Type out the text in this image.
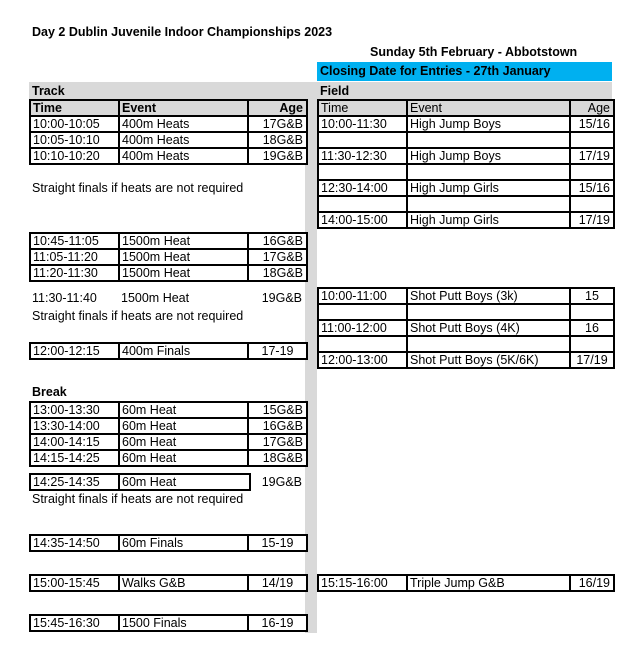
Day 2 Dublin Juvenile Indoor Championships 2023
Sunday 5th February - Abbotstown
Closing Date for Entries - 27th January
Track	Field
Time	Event	Age
10:00-10:05	400m Heats	17G&B
10:05-10:10	400m Heats	18G&B
10:10-10:20	400m Heats	19G&B
Straight finals if heats are not required
10:45-11:05	1500m Heat	16G&B
11:05-11:20	1500m Heat	17G&B
11:20-11:30	1500m Heat	18G&B
11:30-11:40 1500m Heat	19G&B
Straight finals if heats are not required
12:00-12:15	400m Finals	17-19
Break
13:00-13:30	60m Heat	15G&B
13:30-14:00	60m Heat	16G&B
14:00-14:15	60m Heat	17G&B
14:15-14:25	60m Heat	18G&B
14:25-14:35	60m Heat	19G&B
Straight finals if heats are not required
14:35-14:50	60m Finals	15-19
15:00-15:45	Walks G&B	14/19
15:45-16:30	1500 Finals	16-19
Time	Event	Age
10:00-11:30	High Jump Boys	15/16

11:30-12:30	High Jump Boys	17/19

12:30-14:00	High Jump Girls	15/16

14:00-15:00	High Jump Girls	17/19
10:00-11:00	Shot Putt Boys (3k)	15

11:00-12:00	Shot Putt Boys (4K)	16

12:00-13:00	Shot Putt Boys (5K/6K)	17/19
15:15-16:00	Triple Jump G&B	16/19
